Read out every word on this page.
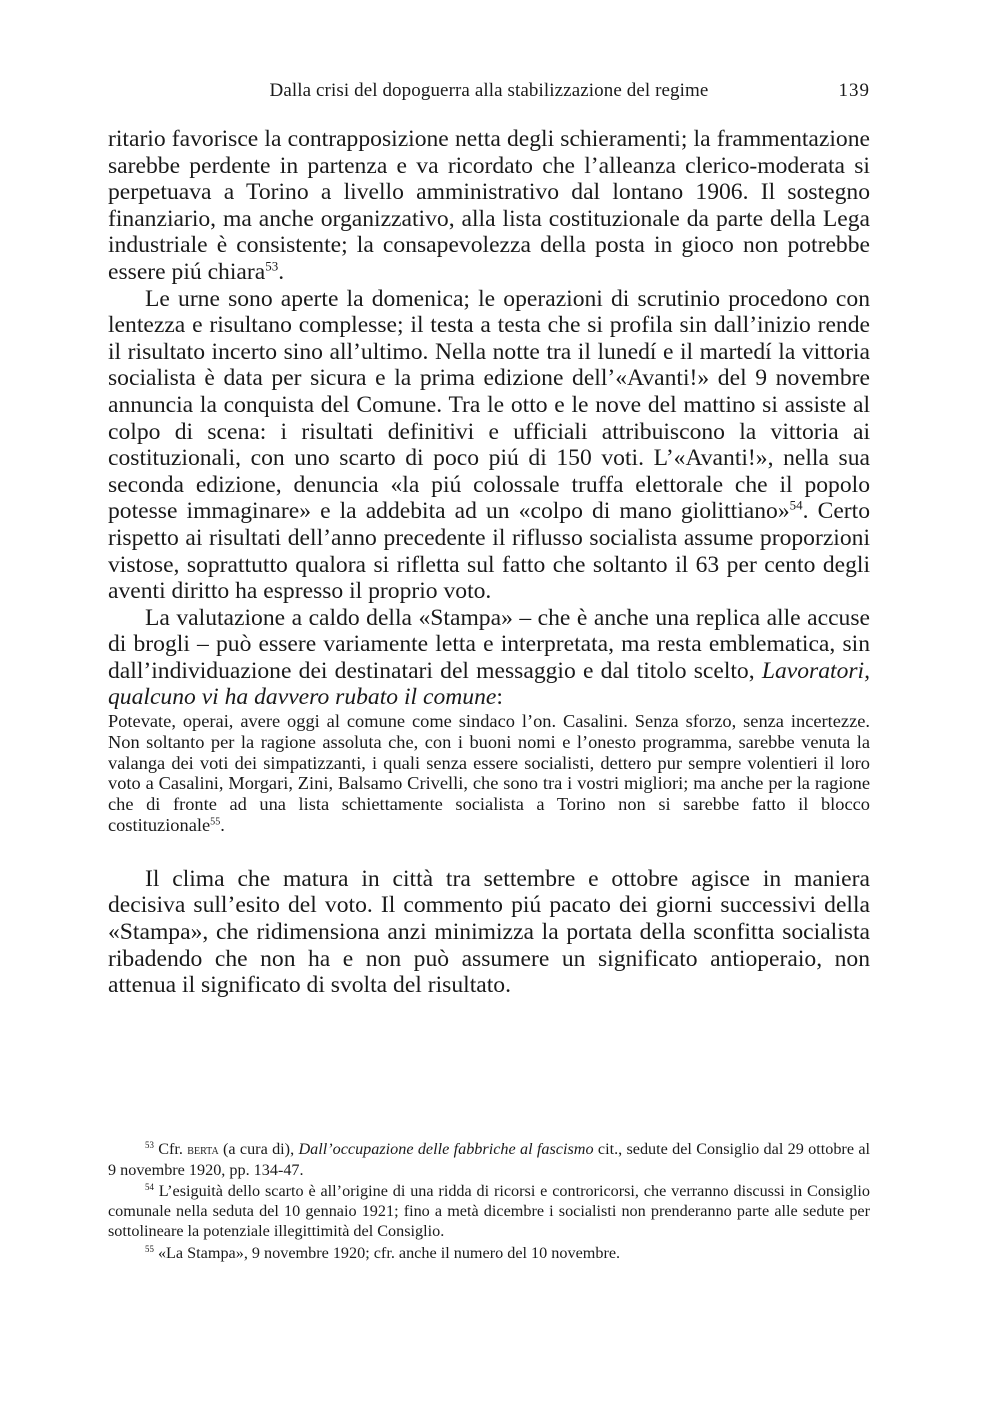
Dalla crisi del dopoguerra alla stabilizzazione del regime	139

ritario favorisce la contrapposizione netta degli schieramenti; la frammentazione sarebbe perdente in partenza e va ricordato che l’alleanza clerico-moderata si perpetuava a Torino a livello amministrativo dal lontano 1906. Il sostegno finanziario, ma anche organizzativo, alla lista costituzionale da parte della Lega industriale è consistente; la consapevolezza della posta in gioco non potrebbe essere piú chiara$^{53}$.

Le urne sono aperte la domenica; le operazioni di scrutinio procedono con lentezza e risultano complesse; il testa a testa che si profila sin dall’inizio rende il risultato incerto sino all’ultimo. Nella notte tra il lunedí e il martedí la vittoria socialista è data per sicura e la prima edizione dell’«Avanti!» del 9 novembre annuncia la conquista del Comune. Tra le otto e le nove del mattino si assiste al colpo di scena: i risultati definitivi e ufficiali attribuiscono la vittoria ai costituzionali, con uno scarto di poco piú di 150 voti. L’«Avanti!», nella sua seconda edizione, denuncia «la piú colossale truffa elettorale che il popolo potesse immaginare» e la addebita ad un «colpo di mano giolittiano»$^{54}$. Certo rispetto ai risultati dell’anno precedente il riflusso socialista assume proporzioni vistose, soprattutto qualora si rifletta sul fatto che soltanto il 63 per cento degli aventi diritto ha espresso il proprio voto.

La valutazione a caldo della «Stampa» – che è anche una replica alle accuse di brogli – può essere variamente letta e interpretata, ma resta emblematica, sin dall’individuazione dei destinatari del messaggio e dal titolo scelto, Lavoratori, qualcuno vi ha davvero rubato il comune:

Potevate, operai, avere oggi al comune come sindaco l’on. Casalini. Senza sforzo, senza incertezze. Non soltanto per la ragione assoluta che, con i buoni nomi e l’onesto programma, sarebbe venuta la valanga dei voti dei simpatizzanti, i quali senza essere socialisti, dettero pur sempre volentieri il loro voto a Casalini, Morgari, Zini, Balsamo Crivelli, che sono tra i vostri migliori; ma anche per la ragione che di fronte ad una lista schiettamente socialista a Torino non si sarebbe fatto il blocco costituzionale$^{55}$.

Il clima che matura in città tra settembre e ottobre agisce in maniera decisiva sull’esito del voto. Il commento piú pacato dei giorni successivi della «Stampa», che ridimensiona anzi minimizza la portata della sconfitta socialista ribadendo che non ha e non può assumere un significato antioperaio, non attenua il significato di svolta del risultato.

$^{53}$ Cfr. berta (a cura di), Dall’occupazione delle fabbriche al fascismo cit., sedute del Consiglio dal 29 ottobre al 9 novembre 1920, pp. 134-47.

$^{54}$ L’esiguità dello scarto è all’origine di una ridda di ricorsi e controricorsi, che verranno discussi in Consiglio comunale nella seduta del 10 gennaio 1921; fino a metà dicembre i socialisti non prenderanno parte alle sedute per sottolineare la potenziale illegittimità del Consiglio.

$^{55}$ «La Stampa», 9 novembre 1920; cfr. anche il numero del 10 novembre.
